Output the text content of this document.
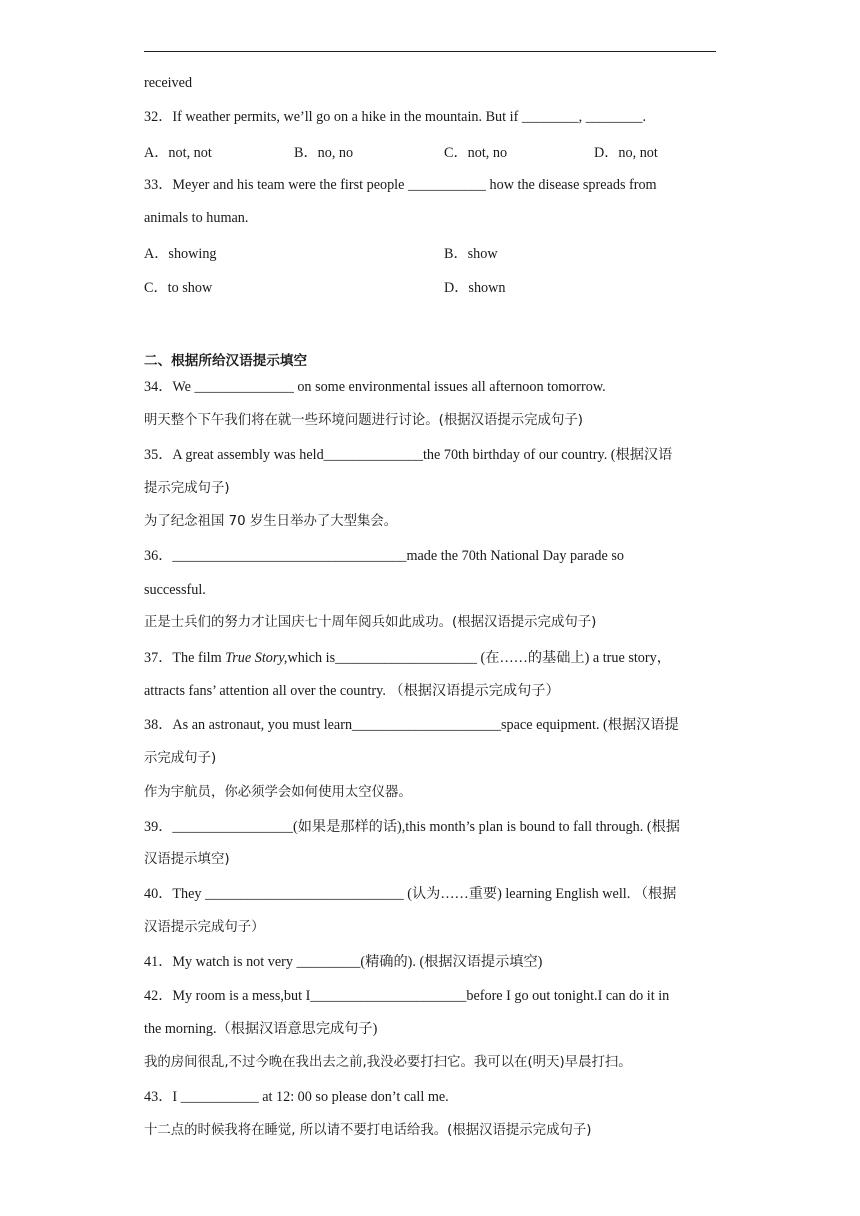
received
32．If weather permits, we’ll go on a hike in the mountain. But if ________, ________.
A．not, not	B．no, no	C．not, no	D．no, not
33．Meyer and his team were the first people ___________ how the disease spreads from
animals to human.
A．showing	B．show
C．to show	D．shown
二、根据所给汉语提示填空
34．We ______________ on some environmental issues all afternoon tomorrow.
明天整个下午我们将在就一些环境问题进行讨论。(根据汉语提示完成句子)
35．A great assembly was held______________the 70th birthday of our country. (根据汉语
提示完成句子)
为了纪念祖国 70 岁生日举办了大型集会。
36．_________________________________made the 70th National Day parade so
successful.
正是士兵们的努力才让国庆七十周年阅兵如此成功。(根据汉语提示完成句子)
37．The film True Story,which is____________________ (在……的基础上) a true story，
attracts fans’ attention all over the country. （根据汉语提示完成句子）
38．As an astronaut, you must learn_____________________space equipment. (根据汉语提
示完成句子)
作为宇航员，你必须学会如何使用太空仪器。
39．_________________(如果是那样的话),this month’s plan is bound to fall through. (根据
汉语提示填空)
40．They ____________________________ (认为……重要) learning English well. （根据
汉语提示完成句子）
41．My watch is not very _________(精确的). (根据汉语提示填空)
42．My room is a mess,but I______________________before I go out tonight.I can do it in
the morning.（根据汉语意思完成句子)
我的房间很乱,不过今晚在我出去之前,我没必要打扫它。我可以在(明天)早晨打扫。
43．I ___________ at 12: 00 so please don’t call me.
十二点的时候我将在睡觉, 所以请不要打电话给我。(根据汉语提示完成句子)
